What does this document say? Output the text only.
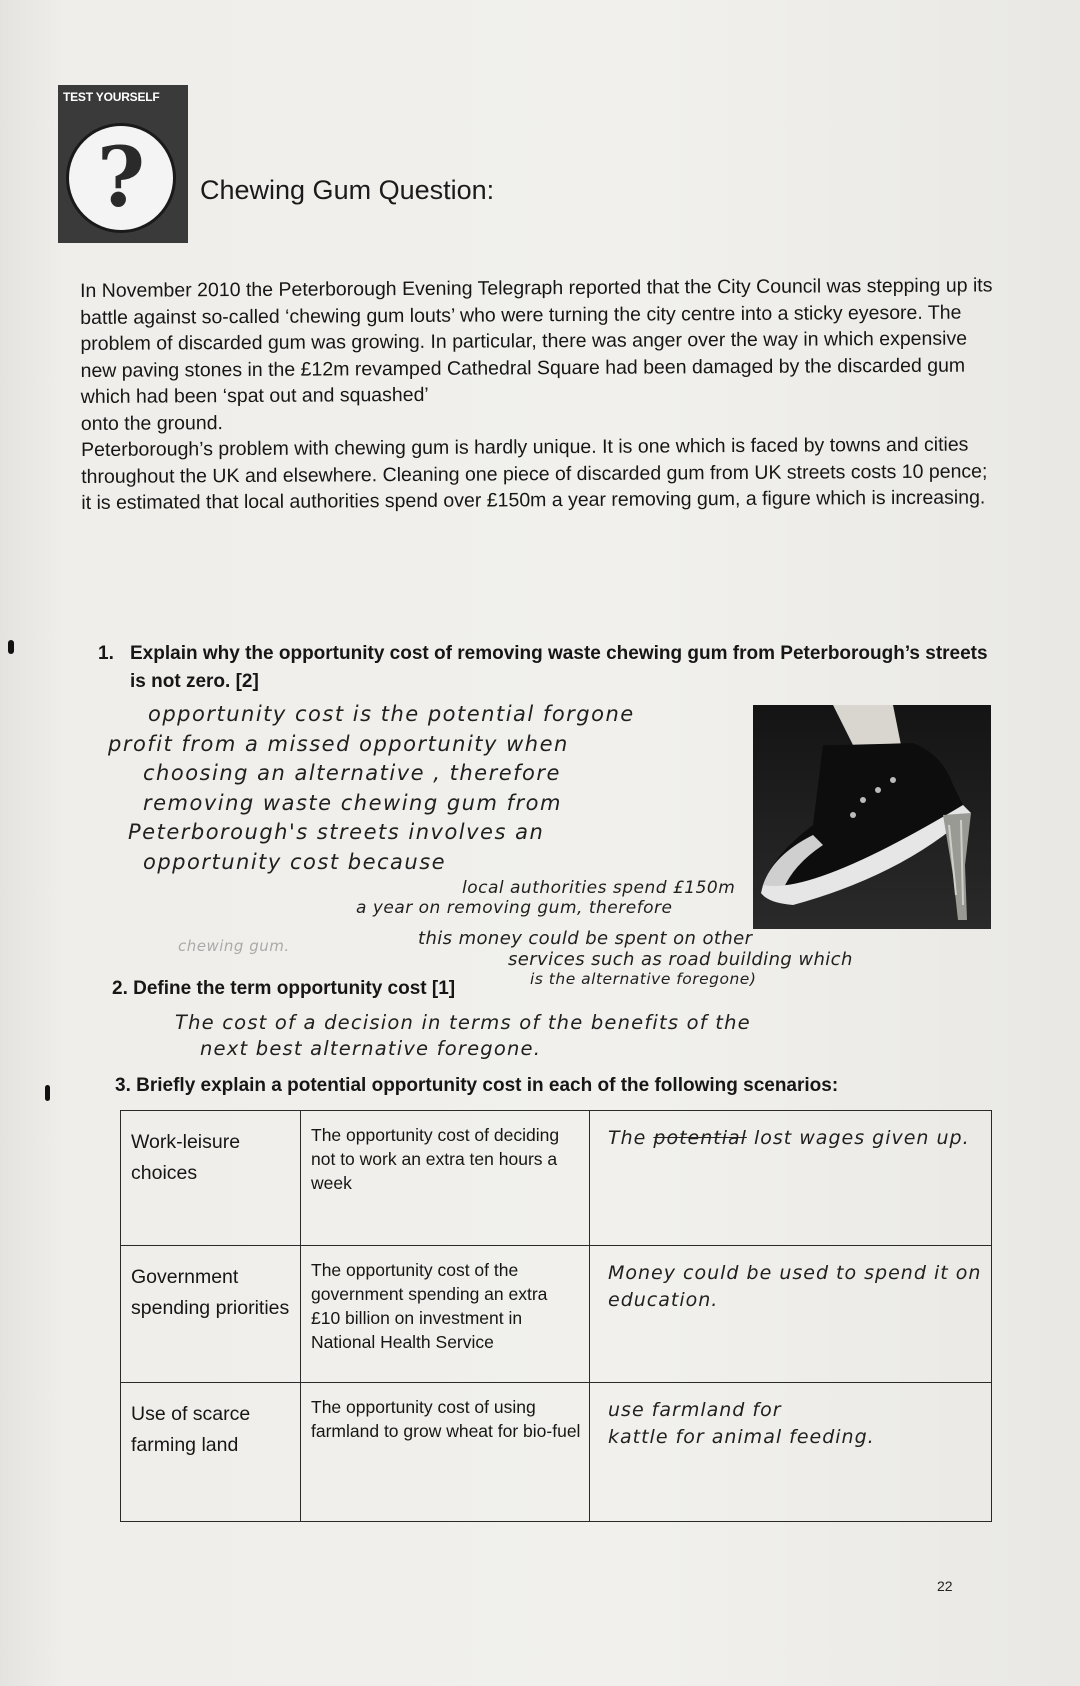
TEST YOURSELF
?	Chewing Gum Question:

In November 2010 the Peterborough Evening Telegraph reported that the City Council was stepping up its battle against so-called ‘chewing gum louts’ who were turning the city centre into a sticky eyesore. The problem of discarded gum was growing. In particular, there was anger over the way in which expensive new paving stones in the £12m revamped Cathedral Square had been damaged by the discarded gum which had been ‘spat out and squashed’

onto the ground.

Peterborough’s problem with chewing gum is hardly unique. It is one which is faced by towns and cities throughout the UK and elsewhere. Cleaning one piece of discarded gum from UK streets costs 10 pence; it is estimated that local authorities spend over £150m a year removing gum, a figure which is increasing.

1. Explain why the opportunity cost of removing waste chewing gum from Peterborough’s streets is not zero. [2]
opportunity cost is the potential forgone
profit from a missed opportunity when
choosing an alternative , therefore
removing waste chewing gum from
Peterborough's streets involves an
opportunity cost because
local authorities spend £150m
a year on removing gum, therefore
chewing gum.	this money could be spent on other
services such as road building which
is the alternative foregone)
2. Define the term opportunity cost [1]
The cost of a decision in terms of the benefits of the
next best alternative foregone.
3. Briefly explain a potential opportunity cost in each of the following scenarios:
Work-leisure choices	The opportunity cost of deciding not to work an extra ten hours a week	The potential lost wages given up.
Government spending priorities	The opportunity cost of the government spending an extra £10 billion on investment in National Health Service	Money could be used to spend it on education.
Use of scarce farming land	The opportunity cost of using farmland to grow wheat for bio-fuel	use farmland for
kattle for animal feeding.
22
